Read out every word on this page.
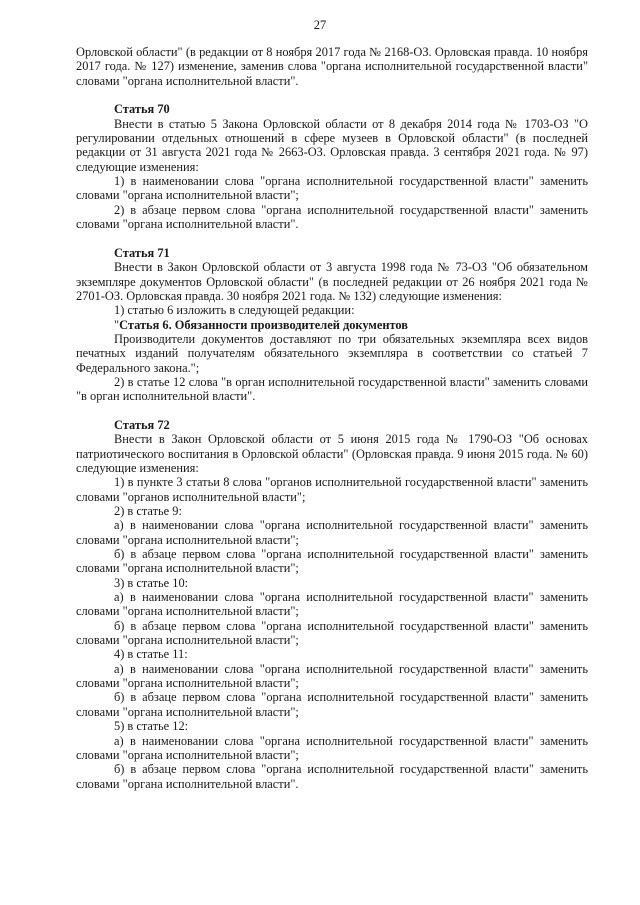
27

Орловской области" (в редакции от 8 ноября 2017 года № 2168-ОЗ. Орловская правда. 10 ноября 2017 года. № 127) изменение, заменив слова "органа исполнительной государственной власти" словами "органа исполнительной власти".

Статья 70

Внести в статью 5 Закона Орловской области от 8 декабря 2014 года № 1703-ОЗ "О регулировании отдельных отношений в сфере музеев в Орловской области" (в последней редакции от 31 августа 2021 года № 2663-ОЗ. Орловская правда. 3 сентября 2021 года. № 97) следующие изменения:

1) в наименовании слова "органа исполнительной государственной власти" заменить словами "органа исполнительной власти";

2) в абзаце первом слова "органа исполнительной государственной власти" заменить словами "органа исполнительной власти".

Статья 71

Внести в Закон Орловской области от 3 августа 1998 года № 73-ОЗ "Об обязательном экземпляре документов Орловской области" (в последней редакции от 26 ноября 2021 года № 2701-ОЗ. Орловская правда. 30 ноября 2021 года. № 132) следующие изменения:

1) статью 6 изложить в следующей редакции:

"Статья 6. Обязанности производителей документов

Производители документов доставляют по три обязательных экземпляра всех видов печатных изданий получателям обязательного экземпляра в соответствии со статьей 7 Федерального закона.";

2) в статье 12 слова "в орган исполнительной государственной власти" заменить словами "в орган исполнительной власти".

Статья 72

Внести в Закон Орловской области от 5 июня 2015 года № 1790-ОЗ "Об основах патриотического воспитания в Орловской области" (Орловская правда. 9 июня 2015 года. № 60) следующие изменения:

1) в пункте 3 статьи 8 слова "органов исполнительной государственной власти" заменить словами "органов исполнительной власти";

2) в статье 9:

а) в наименовании слова "органа исполнительной государственной власти" заменить словами "органа исполнительной власти";

б) в абзаце первом слова "органа исполнительной государственной власти" заменить словами "органа исполнительной власти";

3) в статье 10:

а) в наименовании слова "органа исполнительной государственной власти" заменить словами "органа исполнительной власти";

б) в абзаце первом слова "органа исполнительной государственной власти" заменить словами "органа исполнительной власти";

4) в статье 11:

а) в наименовании слова "органа исполнительной государственной власти" заменить словами "органа исполнительной власти";

б) в абзаце первом слова "органа исполнительной государственной власти" заменить словами "органа исполнительной власти";

5) в статье 12:

а) в наименовании слова "органа исполнительной государственной власти" заменить словами "органа исполнительной власти";

б) в абзаце первом слова "органа исполнительной государственной власти" заменить словами "органа исполнительной власти".
